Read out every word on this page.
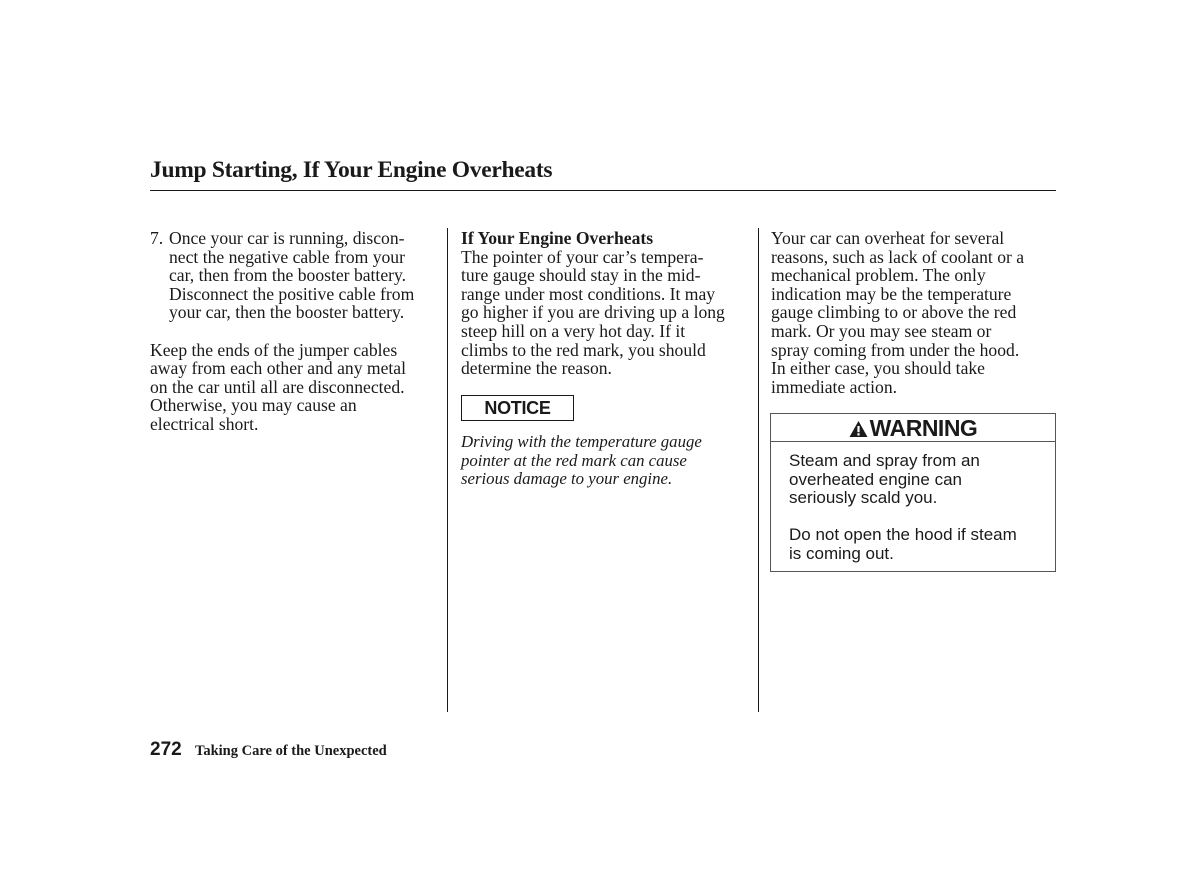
Jump Starting, If Your Engine Overheats
7. Once your car is running, discon-
nect the negative cable from your
car, then from the booster battery.
Disconnect the positive cable from
your car, then the booster battery.
Keep the ends of the jumper cables
away from each other and any metal
on the car until all are disconnected.
Otherwise, you may cause an
electrical short.
If Your Engine Overheats
The pointer of your car’s tempera-
ture gauge should stay in the mid-
range under most conditions. It may
go higher if you are driving up a long
steep hill on a very hot day. If it
climbs to the red mark, you should
determine the reason.
NOTICE
Driving with the temperature gauge
pointer at the red mark can cause
serious damage to your engine.
Your car can overheat for several
reasons, such as lack of coolant or a
mechanical problem. The only
indication may be the temperature
gauge climbing to or above the red
mark. Or you may see steam or
spray coming from under the hood.
In either case, you should take
immediate action.
WARNING
Steam and spray from an
overheated engine can
seriously scald you.
Do not open the hood if steam
is coming out.
272 Taking Care of the Unexpected
